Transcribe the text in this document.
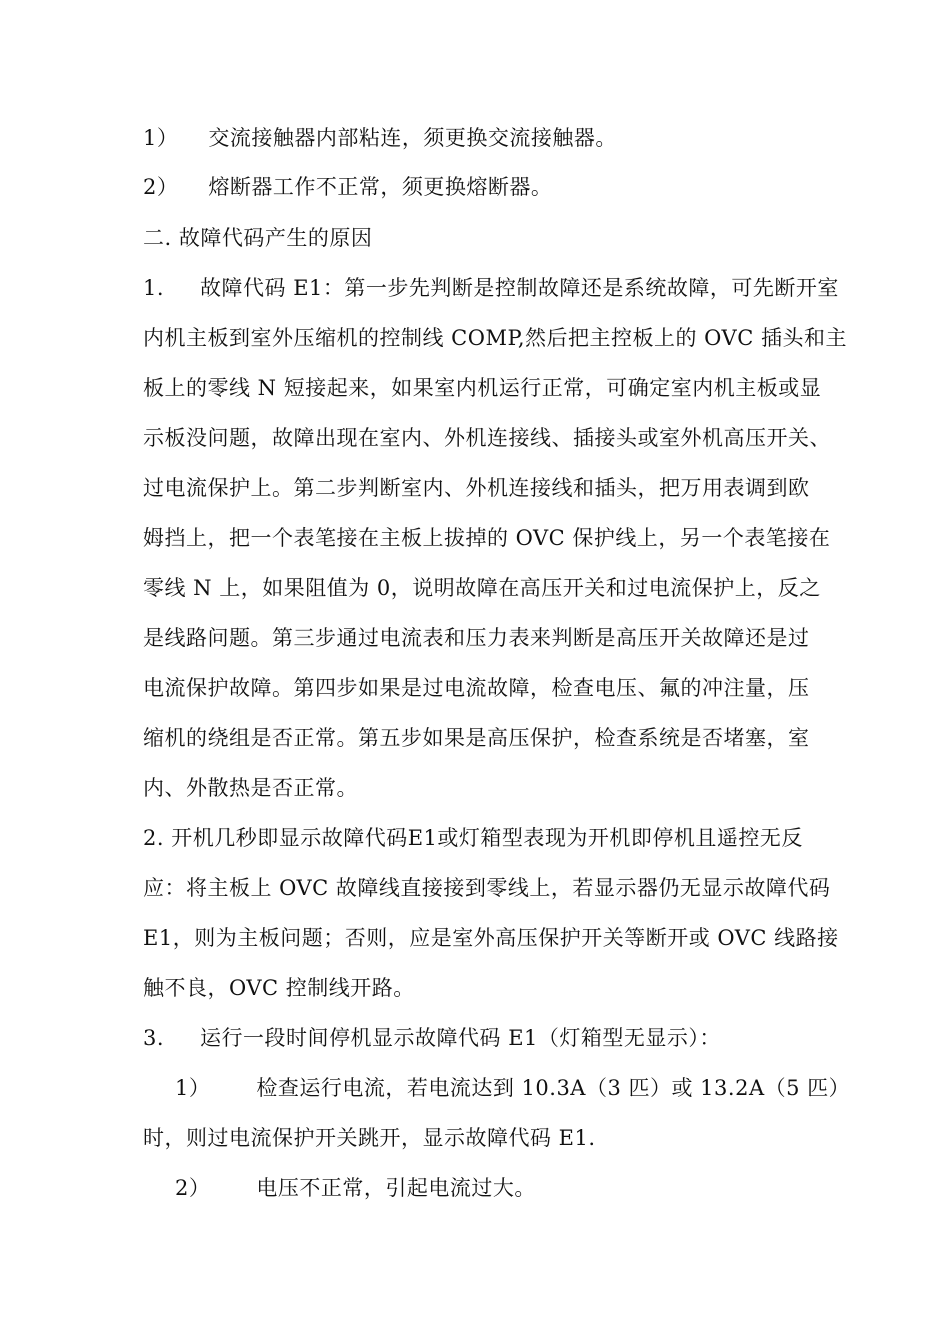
1） 交流接触器内部粘连，须更换交流接触器。
2） 熔断器工作不正常，须更换熔断器。
二. 故障代码产生的原因
1. 故障代码 E1：第一步先判断是控制故障还是系统故障，可先断开室
内机主板到室外压缩机的控制线 COMP,然后把主控板上的 OVC 插头和主
板上的零线 N 短接起来，如果室内机运行正常，可确定室内机主板或显
示板没问题，故障出现在室内、外机连接线、插接头或室外机高压开关、
过电流保护上。第二步判断室内、外机连接线和插头，把万用表调到欧
姆挡上，把一个表笔接在主板上拔掉的 OVC 保护线上，另一个表笔接在
零线 N 上，如果阻值为 0，说明故障在高压开关和过电流保护上，反之
是线路问题。第三步通过电流表和压力表来判断是高压开关故障还是过
电流保护故障。第四步如果是过电流故障，检查电压、氟的冲注量，压
缩机的绕组是否正常。第五步如果是高压保护，检查系统是否堵塞，室
内、外散热是否正常。
2. 开机几秒即显示故障代码E1或灯箱型表现为开机即停机且遥控无反
应：将主板上 OVC 故障线直接接到零线上，若显示器仍无显示故障代码
E1，则为主板问题；否则，应是室外高压保护开关等断开或 OVC 线路接
触不良，OVC 控制线开路。
3. 运行一段时间停机显示故障代码 E1（灯箱型无显示）：
1） 检查运行电流，若电流达到 10.3A（3 匹）或 13.2A（5 匹）
时，则过电流保护开关跳开，显示故障代码 E1.
2） 电压不正常，引起电流过大。
